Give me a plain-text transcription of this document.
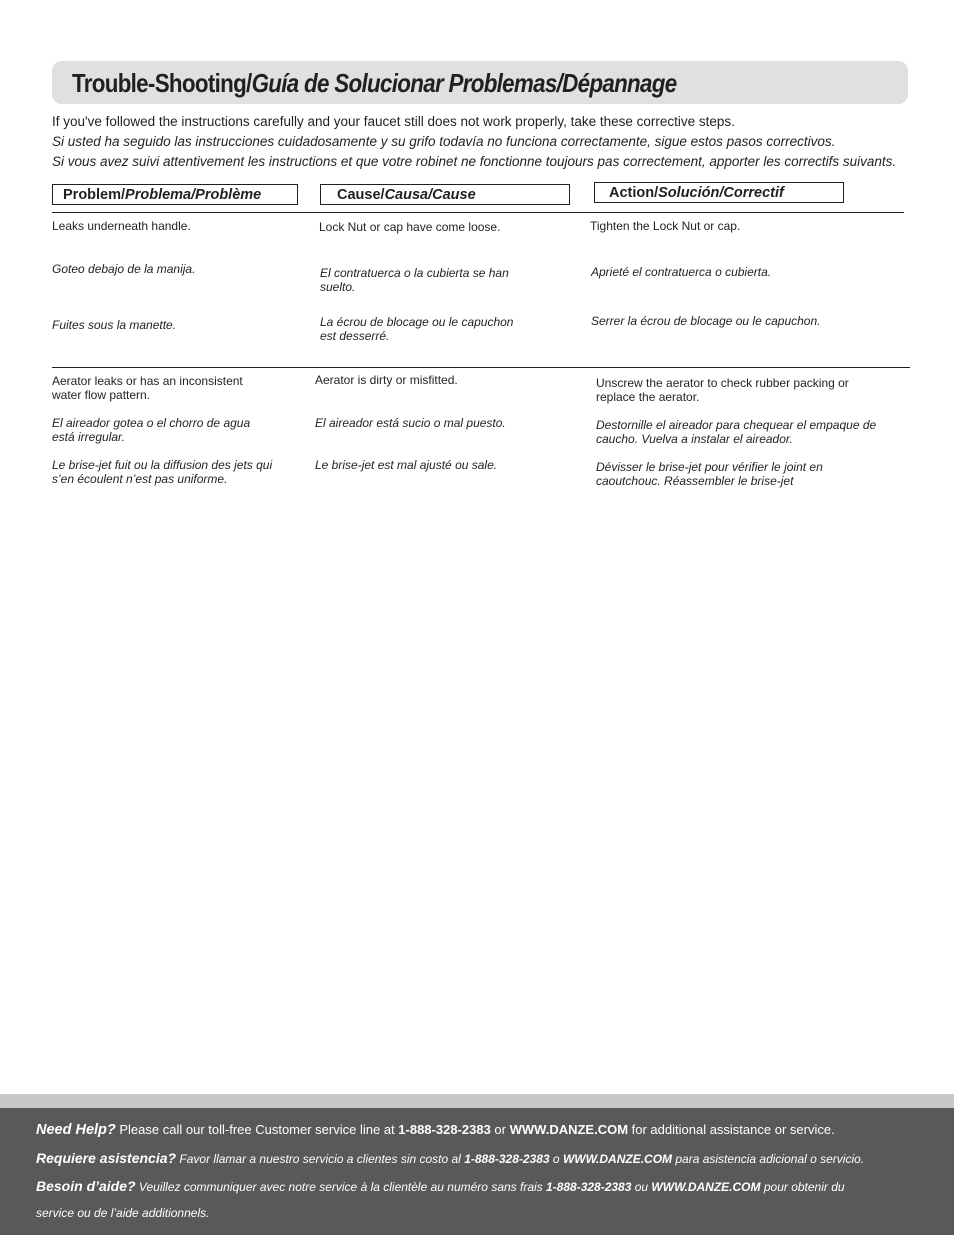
Trouble-Shooting/Guía de Solucionar Problemas/Dépannage
If you've followed the instructions carefully and your faucet still does not work properly, take these corrective steps.
Si usted ha seguido las instrucciones cuidadosamente y su grifo todavía no funciona correctamente, sigue estos pasos correctivos.
Si vous avez suivi attentivement les instructions et que votre robinet ne fonctionne toujours pas correctement, apporter les correctifs suivants.
Problem/Problema/Problème	Cause/Causa/Cause	Action/Solución/Correctif
Leaks underneath handle.
Goteo debajo de la manija.
Fuites sous la manette.
Lock Nut or cap have come loose.
El contratuerca o la cubierta se han suelto.
La écrou de blocage ou le capuchon est desserré.
Tighten the Lock Nut or cap.
Aprieté el contratuerca o cubierta.
Serrer la écrou de blocage ou le capuchon.
Aerator leaks or has an inconsistent water flow pattern.
El aireador gotea o el chorro de agua está irregular.
Le brise-jet fuit ou la diffusion des jets qui s’en écoulent n’est pas uniforme.
Aerator is dirty or misfitted.
El aireador está sucio o mal puesto.
Le brise-jet est mal ajusté ou sale.
Unscrew the aerator to check rubber packing or replace the aerator.
Destornille el aireador para chequear el empaque de caucho. Vuelva a instalar el aireador.
Dévisser le brise-jet pour vérifier le joint en caoutchouc. Réassembler le brise-jet
Need Help? Please call our toll-free Customer service line at 1-888-328-2383 or WWW.DANZE.COM for additional assistance or service.
Requiere asistencia? Favor llamar a nuestro servicio a clientes sin costo al 1-888-328-2383 o WWW.DANZE.COM para asistencia adicional o servicio.
Besoin d’aide? Veuillez communiquer avec notre service à la clientèle au numéro sans frais 1-888-328-2383 ou WWW.DANZE.COM pour obtenir du
service ou de l’aide additionnels.
